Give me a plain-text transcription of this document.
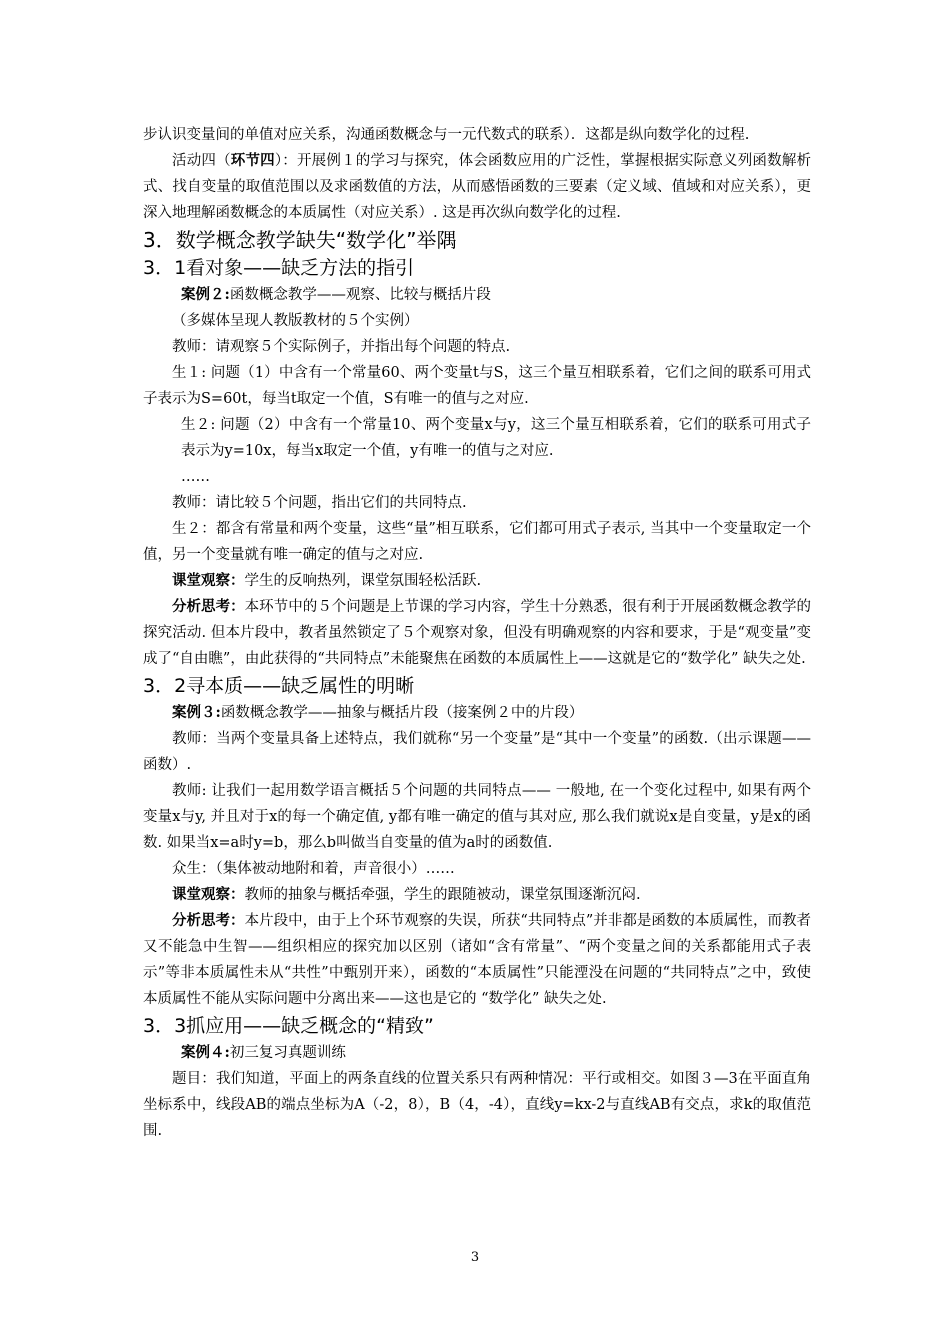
步认识变量间的单值对应关系，沟通函数概念与一元代数式的联系）．这都是纵向数学化的过程.

活动四（环节四）：开展例１的学习与探究，体会函数应用的广泛性，掌握根据实际意义列函数解析式、找自变量的取值范围以及求函数值的方法，从而感悟函数的三要素（定义域、值域和对应关系），更深入地理解函数概念的本质属性（对应关系）. 这是再次纵向数学化的过程.

3．数学概念教学缺失“数学化”举隅
3．1看对象——缺乏方法的指引

案例２:函数概念教学——观察、比较与概括片段

（多媒体呈现人教版教材的５个实例）

教师：请观察５个实际例子，并指出每个问题的特点.

生１: 问题（1）中含有一个常量60、两个变量t与S，这三个量互相联系着，它们之间的联系可用式子表示为S=60t，每当t取定一个值，S有唯一的值与之对应.

生２: 问题（2）中含有一个常量10、两个变量x与y，这三个量互相联系着，它们的联系可用式子表示为y=10x，每当x取定一个值，y有唯一的值与之对应.

……

教师：请比较５个问题，指出它们的共同特点.

生２：都含有常量和两个变量，这些“量”相互联系，它们都可用式子表示, 当其中一个变量取定一个值，另一个变量就有唯一确定的值与之对应.

课堂观察：学生的反响热列，课堂氛围轻松活跃.

分析思考：本环节中的５个问题是上节课的学习内容，学生十分熟悉，很有利于开展函数概念教学的探究活动. 但本片段中，教者虽然锁定了５个观察对象，但没有明确观察的内容和要求，于是“观变量”变成了“自由瞧”，由此获得的“共同特点”未能聚焦在函数的本质属性上——这就是它的“数学化” 缺失之处.

3．2寻本质——缺乏属性的明晰

案例３:函数概念教学——抽象与概括片段（接案例２中的片段）

教师：当两个变量具备上述特点，我们就称“另一个变量”是“其中一个变量”的函数.（出示课题——函数）.

教师: 让我们一起用数学语言概括５个问题的共同特点—— 一般地, 在一个变化过程中, 如果有两个变量x与y, 并且对于x的每一个确定值, y都有唯一确定的值与其对应, 那么我们就说x是自变量，y是x的函数. 如果当x=a时y=b，那么b叫做当自变量的值为a时的函数值.

众生：（集体被动地附和着，声音很小）……

课堂观察：教师的抽象与概括牵强，学生的跟随被动，课堂氛围逐渐沉闷.

分析思考：本片段中，由于上个环节观察的失误，所获“共同特点”并非都是函数的本质属性，而教者又不能急中生智——组织相应的探究加以区别（诸如“含有常量”、“两个变量之间的关系都能用式子表示”等非本质属性未从“共性”中甄别开来），函数的“本质属性”只能湮没在问题的“共同特点”之中，致使本质属性不能从实际问题中分离出来——这也是它的 “数学化” 缺失之处.

3．3抓应用——缺乏概念的“精致”

案例４:初三复习真题训练

题目：我们知道，平面上的两条直线的位置关系只有两种情况：平行或相交。如图３—3在平面直角坐标系中，线段AB的端点坐标为A（-2，8），B（4，-4），直线y=kx-2与直线AB有交点，求k的取值范围.

3
